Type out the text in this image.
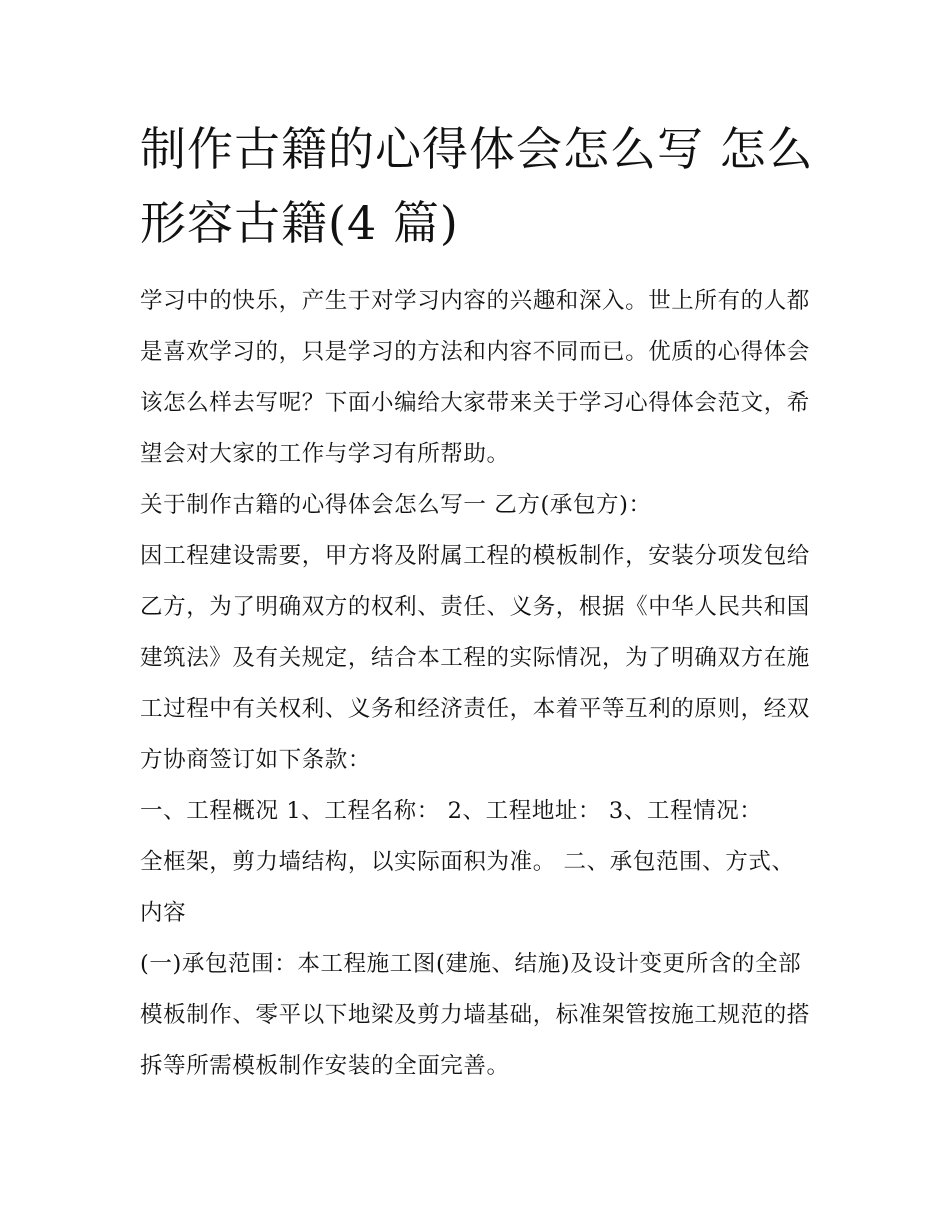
制作古籍的心得体会怎么写 怎么形容古籍(4 篇)

学习中的快乐，产生于对学习内容的兴趣和深入。世上所有的人都是喜欢学习的，只是学习的方法和内容不同而已。优质的心得体会该怎么样去写呢？下面小编给大家带来关于学习心得体会范文，希望会对大家的工作与学习有所帮助。

关于制作古籍的心得体会怎么写一 乙方(承包方)：

因工程建设需要，甲方将及附属工程的模板制作，安装分项发包给乙方，为了明确双方的权利、责任、义务，根据《中华人民共和国建筑法》及有关规定，结合本工程的实际情况，为了明确双方在施工过程中有关权利、义务和经济责任，本着平等互利的原则，经双方协商签订如下条款：

一、工程概况 1、工程名称： 2、工程地址： 3、工程情况：

全框架，剪力墙结构，以实际面积为准。 二、承包范围、方式、内容

(一)承包范围：本工程施工图(建施、结施)及设计变更所含的全部模板制作、零平以下地梁及剪力墙基础，标准架管按施工规范的搭拆等所需模板制作安装的全面完善。
